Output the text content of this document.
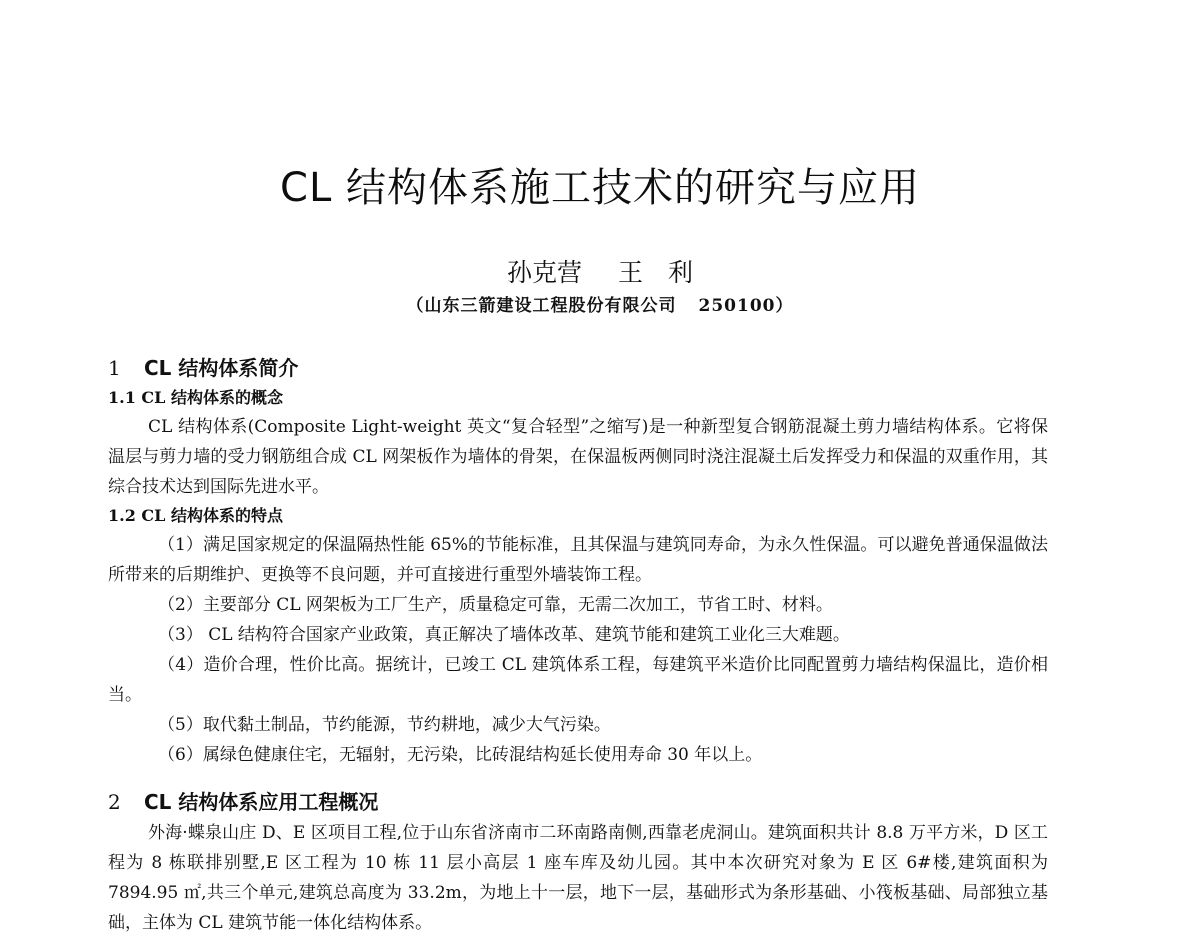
CL 结构体系施工技术的研究与应用
孙克营 王　利
（山东三箭建设工程股份有限公司 250100）
1 CL 结构体系简介
1.1 CL 结构体系的概念
CL 结构体系(Composite Light-weight 英文“复合轻型”之缩写)是一种新型复合钢筋混凝土剪力墙结构体系。它将保温层与剪力墙的受力钢筋组合成 CL 网架板作为墙体的骨架，在保温板两侧同时浇注混凝土后发挥受力和保温的双重作用，其综合技术达到国际先进水平。
1.2 CL 结构体系的特点
（1）满足国家规定的保温隔热性能 65%的节能标准，且其保温与建筑同寿命，为永久性保温。可以避免普通保温做法所带来的后期维护、更换等不良问题，并可直接进行重型外墙装饰工程。
（2）主要部分 CL 网架板为工厂生产，质量稳定可靠，无需二次加工，节省工时、材料。
（3） CL 结构符合国家产业政策，真正解决了墙体改革、建筑节能和建筑工业化三大难题。
（4）造价合理，性价比高。据统计，已竣工 CL 建筑体系工程，每建筑平米造价比同配置剪力墙结构保温比，造价相当。
（5）取代黏土制品，节约能源，节约耕地，减少大气污染。
（6）属绿色健康住宅，无辐射，无污染，比砖混结构延长使用寿命 30 年以上。
2 CL 结构体系应用工程概况
外海·蝶泉山庄 D、E 区项目工程,位于山东省济南市二环南路南侧,西靠老虎洞山。建筑面积共计 8.8 万平方米，D 区工程为 8 栋联排别墅,E 区工程为 10 栋 11 层小高层 1 座车库及幼儿园。其中本次研究对象为 E 区 6#楼,建筑面积为 7894.95 ㎡,共三个单元,建筑总高度为 33.2m，为地上十一层，地下一层，基础形式为条形基础、小筏板基础、局部独立基础，主体为 CL 建筑节能一体化结构体系。
